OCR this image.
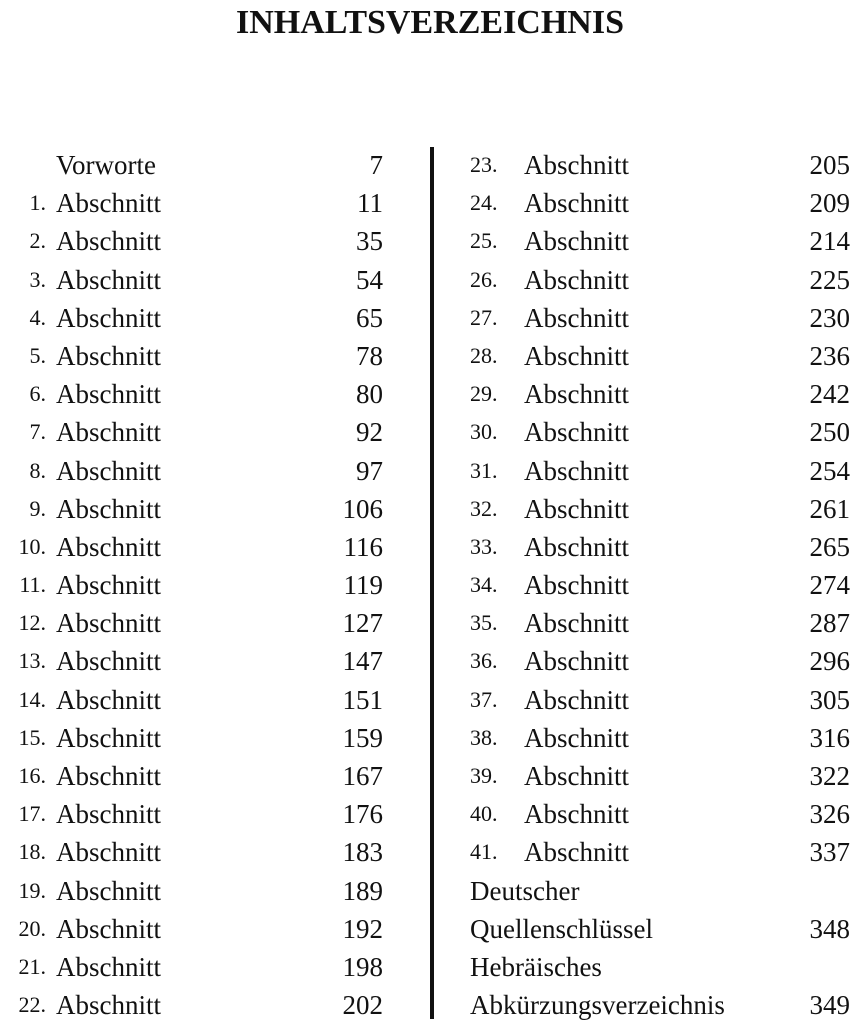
INHALTSVERZEICHNIS
Vorworte	7
1. Abschnitt	11
2. Abschnitt	35
3. Abschnitt	54
4. Abschnitt	65
5. Abschnitt	78
6. Abschnitt	80
7. Abschnitt	92
8. Abschnitt	97
9. Abschnitt	106
10. Abschnitt	116
11. Abschnitt	119
12. Abschnitt	127
13. Abschnitt	147
14. Abschnitt	151
15. Abschnitt	159
16. Abschnitt	167
17. Abschnitt	176
18. Abschnitt	183
19. Abschnitt	189
20. Abschnitt	192
21. Abschnitt	198
22. Abschnitt	202
23. Abschnitt	205
24. Abschnitt	209
25. Abschnitt	214
26. Abschnitt	225
27. Abschnitt	230
28. Abschnitt	236
29. Abschnitt	242
30. Abschnitt	250
31. Abschnitt	254
32. Abschnitt	261
33. Abschnitt	265
34. Abschnitt	274
35. Abschnitt	287
36. Abschnitt	296
37. Abschnitt	305
38. Abschnitt	316
39. Abschnitt	322
40. Abschnitt	326
41. Abschnitt	337
Deutscher
Quellenschlüssel	348
Hebräisches
Abkürzungsverzeichnis	349
